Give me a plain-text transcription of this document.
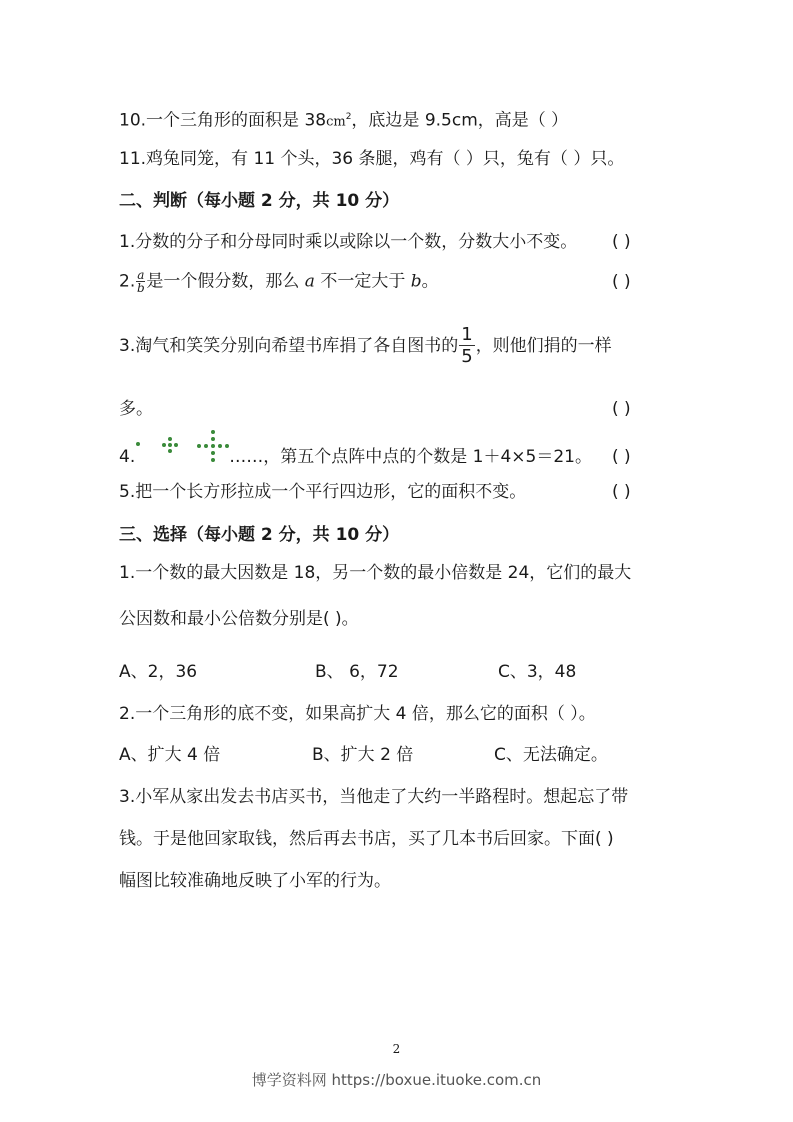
10.一个三角形的面积是 $38cm^2$，底边是 9.5cm，高是（ ）
11.鸡兔同笼，有 11 个头，36 条腿，鸡有（ ）只，兔有（ ）只。
二、判断（每小题 2 分，共 10 分）
1.分数的分子和分母同时乘以或除以一个数，分数大小不变。 ( )
2. $\frac{a}{b}$ 是一个假分数，那么 a 不一定大于 b。	( )
3.淘气和笑笑分别向希望书库捐了各自图书的 $\frac{1}{5}$ ，则他们捐的一样
多。	( )
4.	……，第五个点阵中点的个数是 1＋4×5＝21。 ( )
5.把一个长方形拉成一个平行四边形，它的面积不变。	( )
三、选择（每小题 2 分，共 10 分）
1.一个数的最大因数是 18，另一个数的最小倍数是 24，它们的最大
公因数和最小公倍数分别是( )。
A、2，36	B、 6，72	C、3，48
2.一个三角形的底不变，如果高扩大 4 倍，那么它的面积（ ）。
A、扩大 4 倍	B、扩大 2 倍	C、无法确定。
3.小军从家出发去书店买书，当他走了大约一半路程时。想起忘了带
钱。于是他回家取钱，然后再去书店，买了几本书后回家。下面( )
幅图比较准确地反映了小军的行为。
2
博学资料网 https://boxue.ituoke.com.cn
